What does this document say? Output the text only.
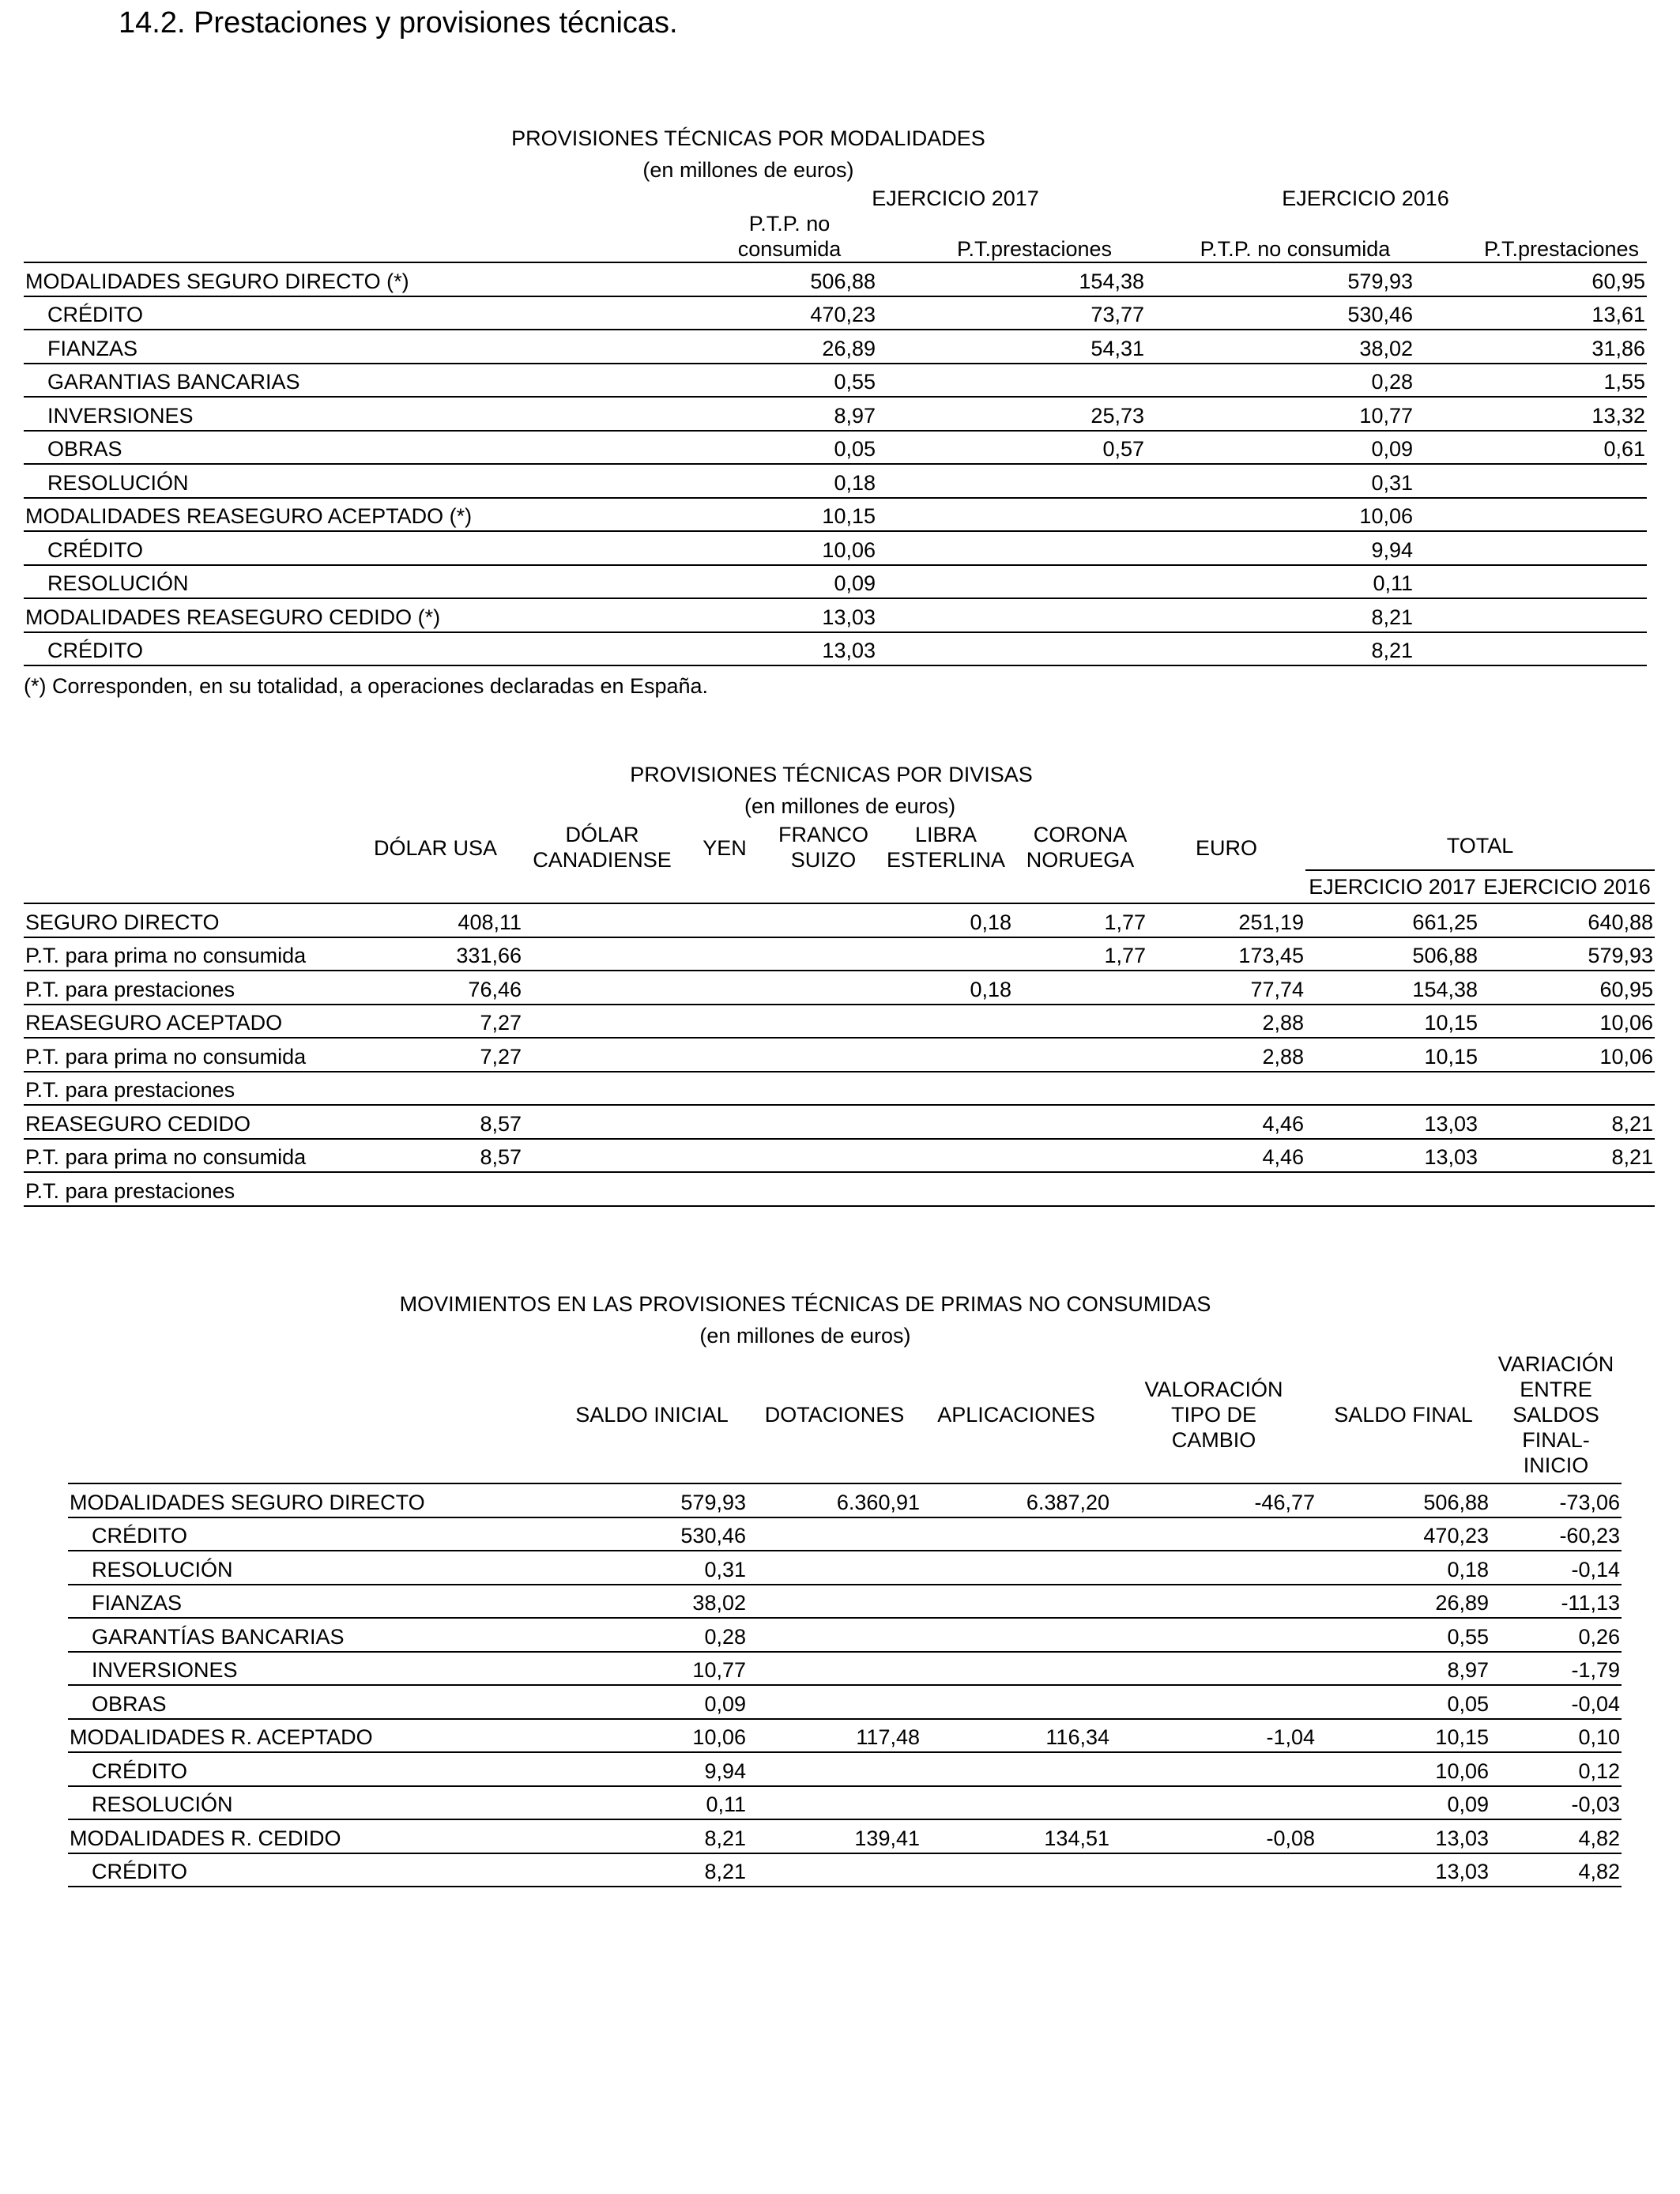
14.2. Prestaciones y provisiones técnicas.
PROVISIONES TÉCNICAS POR MODALIDADES
(en millones de euros)
	EJERCICIO 2017		EJERCICIO 2016	
	P.T.P. no consumida	P.T.prestaciones	P.T.P. no consumida	P.T.prestaciones
MODALIDADES SEGURO DIRECTO (*)	506,88	154,38	579,93	60,95
CRÉDITO	470,23	73,77	530,46	13,61
FIANZAS	26,89	54,31	38,02	31,86
GARANTIAS BANCARIAS	0,55		0,28	1,55
INVERSIONES	8,97	25,73	10,77	13,32
OBRAS	0,05	0,57	0,09	0,61
RESOLUCIÓN	0,18		0,31	
MODALIDADES REASEGURO ACEPTADO (*)	10,15		10,06	
CRÉDITO	10,06		9,94	
RESOLUCIÓN	0,09		0,11	
MODALIDADES REASEGURO CEDIDO (*)	13,03		8,21	
CRÉDITO	13,03		8,21	
(*) Corresponden, en su totalidad, a operaciones declaradas en España.
PROVISIONES TÉCNICAS POR DIVISAS
			(en millones de euros)						
	DÓLAR USA	DÓLAR CANADIENSE	YEN	FRANCO SUIZO	LIBRA ESTERLINA	CORONA NORUEGA	EURO	TOTAL	

								EJERCICIO 2017	EJERCICIO 2016
SEGURO DIRECTO	408,11				0,18	1,77	251,19	661,25	640,88
P.T. para prima no consumida	331,66					1,77	173,45	506,88	579,93
P.T. para prestaciones	76,46				0,18		77,74	154,38	60,95
REASEGURO ACEPTADO	7,27						2,88	10,15	10,06
P.T. para prima no consumida	7,27						2,88	10,15	10,06
P.T. para prestaciones									
REASEGURO CEDIDO	8,57						4,46	13,03	8,21
P.T. para prima no consumida	8,57						4,46	13,03	8,21
P.T. para prestaciones									
MOVIMIENTOS EN LAS PROVISIONES TÉCNICAS DE PRIMAS NO CONSUMIDAS
(en millones de euros)
	SALDO INICIAL	DOTACIONES	APLICACIONES	VALORACIÓN TIPO DE CAMBIO	SALDO FINAL	VARIACIÓN ENTRE SALDOS FINAL-INICIO
MODALIDADES SEGURO DIRECTO	579,93	6.360,91	6.387,20	-46,77	506,88	-73,06
CRÉDITO	530,46				470,23	-60,23
RESOLUCIÓN	0,31				0,18	-0,14
FIANZAS	38,02				26,89	-11,13
GARANTÍAS BANCARIAS	0,28				0,55	0,26
INVERSIONES	10,77				8,97	-1,79
OBRAS	0,09				0,05	-0,04
MODALIDADES R. ACEPTADO	10,06	117,48	116,34	-1,04	10,15	0,10
CRÉDITO	9,94				10,06	0,12
RESOLUCIÓN	0,11				0,09	-0,03
MODALIDADES R. CEDIDO	8,21	139,41	134,51	-0,08	13,03	4,82
CRÉDITO	8,21				13,03	4,82
